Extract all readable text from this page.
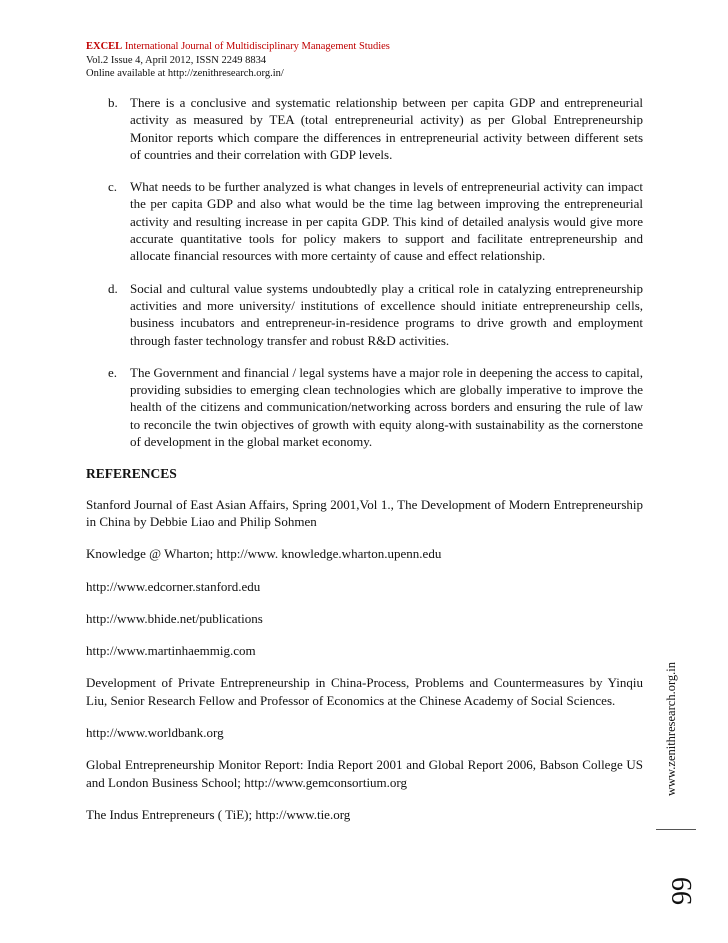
EXCEL International Journal of Multidisciplinary Management Studies
Vol.2 Issue 4, April 2012, ISSN 2249 8834
Online available at http://zenithresearch.org.in/
b. There is a conclusive and systematic relationship between per capita GDP and entrepreneurial activity as measured by TEA (total entrepreneurial activity) as per Global Entrepreneurship Monitor reports which compare the differences in entrepreneurial activity between different sets of countries and their correlation with GDP levels.
c. What needs to be further analyzed is what changes in levels of entrepreneurial activity can impact the per capita GDP and also what would be the time lag between improving the entrepreneurial activity and resulting increase in per capita GDP. This kind of detailed analysis would give more accurate quantitative tools for policy makers to support and facilitate entrepreneurship and allocate financial resources with more certainty of cause and effect relationship.
d. Social and cultural value systems undoubtedly play a critical role in catalyzing entrepreneurship activities and more university/ institutions of excellence should initiate entrepreneurship cells, business incubators and entrepreneur-in-residence programs to drive growth and employment through faster technology transfer and robust R&D activities.
e. The Government and financial / legal systems have a major role in deepening the access to capital, providing subsidies to emerging clean technologies which are globally imperative to improve the health of the citizens and communication/networking across borders and ensuring the rule of law to reconcile the twin objectives of growth with equity along-with sustainability as the cornerstone of development in the global market economy.
REFERENCES
Stanford Journal of East Asian Affairs, Spring 2001,Vol 1., The Development of Modern Entrepreneurship in China by Debbie Liao and Philip Sohmen
Knowledge @ Wharton; http://www. knowledge.wharton.upenn.edu
http://www.edcorner.stanford.edu
http://www.bhide.net/publications
http://www.martinhaemmig.com
Development of Private Entrepreneurship in China-Process, Problems and Countermeasures by Yinqiu Liu, Senior Research Fellow and Professor of Economics at the Chinese Academy of Social Sciences.
http://www.worldbank.org
Global Entrepreneurship Monitor Report: India Report 2001 and Global Report 2006, Babson College US and London Business School; http://www.gemconsortium.org
The Indus Entrepreneurs ( TiE); http://www.tie.org
www.zenithresearch.org.in
99
